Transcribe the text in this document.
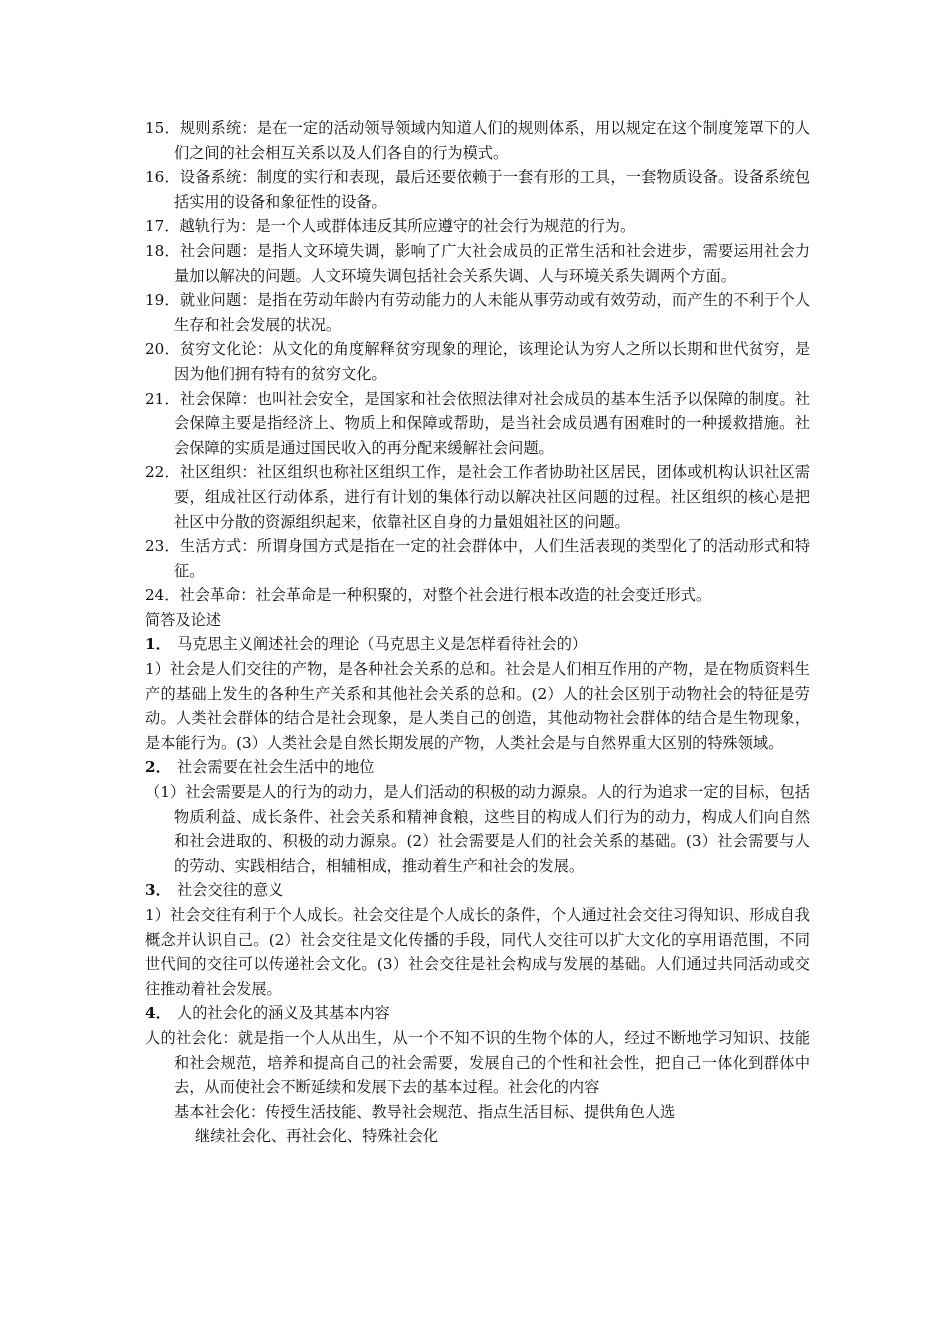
15．规则系统：是在一定的活动领导领域内知道人们的规则体系，用以规定在这个制度笼罩下的人们之间的社会相互关系以及人们各自的行为模式。
16．设备系统：制度的实行和表现，最后还要依赖于一套有形的工具，一套物质设备。设备系统包括实用的设备和象征性的设备。
17．越轨行为：是一个人或群体违反其所应遵守的社会行为规范的行为。
18．社会问题：是指人文环境失调，影响了广大社会成员的正常生活和社会进步，需要运用社会力量加以解决的问题。人文环境失调包括社会关系失调、人与环境关系失调两个方面。
19．就业问题：是指在劳动年龄内有劳动能力的人未能从事劳动或有效劳动，而产生的不利于个人生存和社会发展的状况。
20．贫穷文化论：从文化的角度解释贫穷现象的理论，该理论认为穷人之所以长期和世代贫穷，是因为他们拥有特有的贫穷文化。
21．社会保障：也叫社会安全，是国家和社会依照法律对社会成员的基本生活予以保障的制度。社会保障主要是指经济上、物质上和保障或帮助，是当社会成员遇有困难时的一种援救措施。社会保障的实质是通过国民收入的再分配来缓解社会问题。
22．社区组织：社区组织也称社区组织工作，是社会工作者协助社区居民，团体或机构认识社区需要，组成社区行动体系，进行有计划的集体行动以解决社区问题的过程。社区组织的核心是把社区中分散的资源组织起来，依靠社区自身的力量姐姐社区的问题。
23．生活方式：所谓身国方式是指在一定的社会群体中，人们生活表现的类型化了的活动形式和特征。
24．社会革命：社会革命是一种积聚的，对整个社会进行根本改造的社会变迁形式。
简答及论述
1． 马克思主义阐述社会的理论（马克思主义是怎样看待社会的）
1）社会是人们交往的产物，是各种社会关系的总和。社会是人们相互作用的产物，是在物质资料生产的基础上发生的各种生产关系和其他社会关系的总和。(2）人的社会区别于动物社会的特征是劳动。人类社会群体的结合是社会现象，是人类自己的创造，其他动物社会群体的结合是生物现象，是本能行为。(3）人类社会是自然长期发展的产物，人类社会是与自然界重大区别的特殊领域。
2． 社会需要在社会生活中的地位
（1）社会需要是人的行为的动力，是人们活动的积极的动力源泉。人的行为追求一定的目标，包括物质利益、成长条件、社会关系和精神食粮，这些目的构成人们行为的动力，构成人们向自然和社会进取的、积极的动力源泉。(2）社会需要是人们的社会关系的基础。(3）社会需要与人的劳动、实践相结合，相辅相成，推动着生产和社会的发展。
3． 社会交往的意义
1）社会交往有利于个人成长。社会交往是个人成长的条件，个人通过社会交往习得知识、形成自我概念并认识自己。(2）社会交往是文化传播的手段，同代人交往可以扩大文化的享用语范围，不同世代间的交往可以传递社会文化。(3）社会交往是社会构成与发展的基础。人们通过共同活动或交往推动着社会发展。
4． 人的社会化的涵义及其基本内容
人的社会化：就是指一个人从出生，从一个不知不识的生物个体的人，经过不断地学习知识、技能和社会规范，培养和提高自己的社会需要，发展自己的个性和社会性，把自己一体化到群体中去，从而使社会不断延续和发展下去的基本过程。社会化的内容
基本社会化：传授生活技能、教导社会规范、指点生活目标、提供角色人选
继续社会化、再社会化、特殊社会化
